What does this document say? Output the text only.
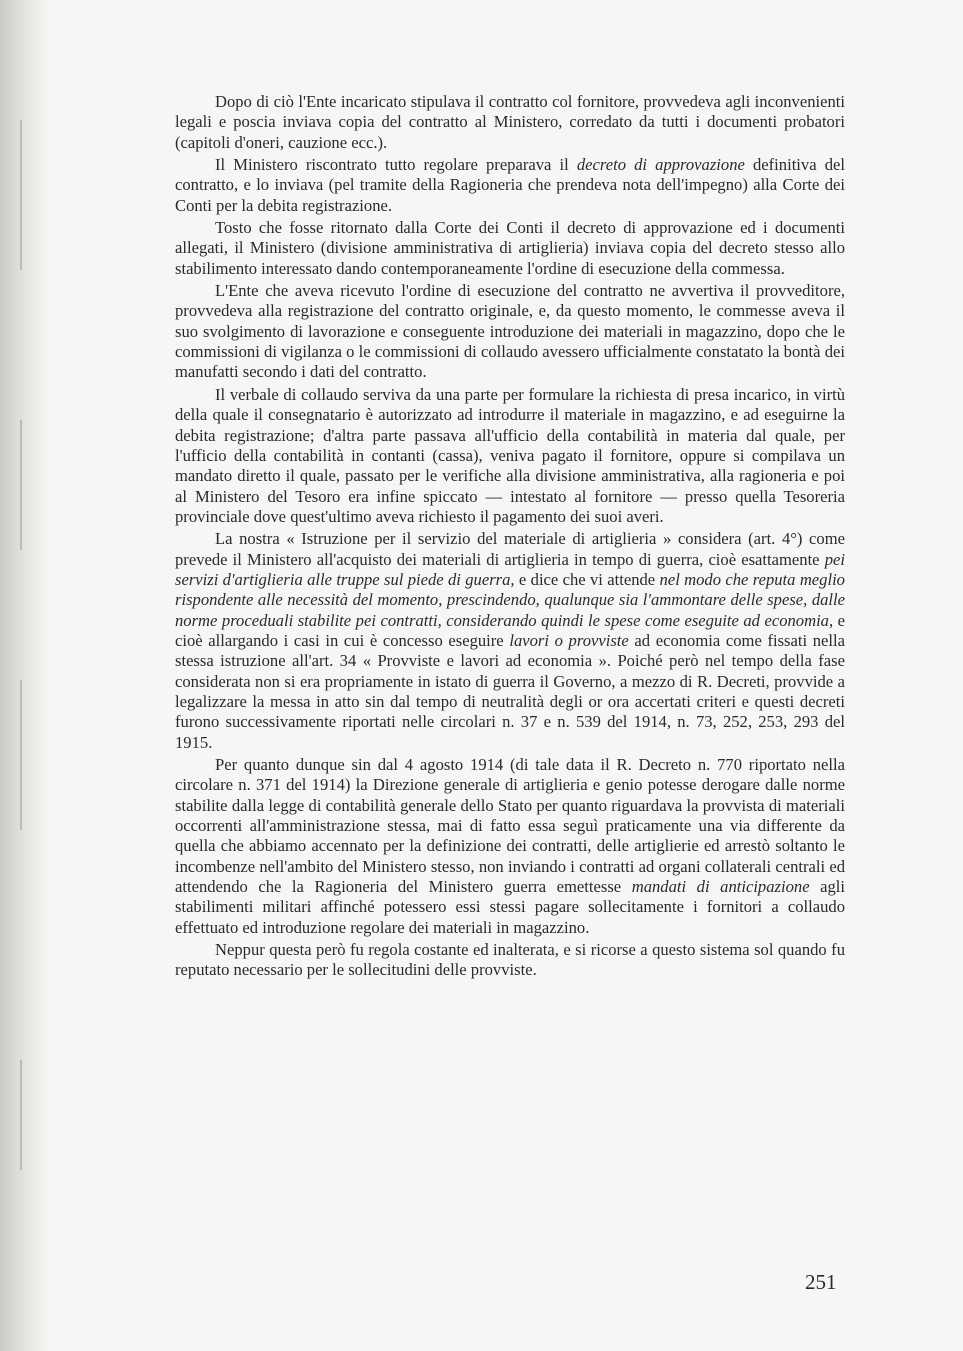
Dopo di ciò l'Ente incaricato stipulava il contratto col fornitore, provvedeva agli inconvenienti legali e poscia inviava copia del contratto al Ministero, corredato da tutti i documenti probatori (capitoli d'oneri, cauzione ecc.).

Il Ministero riscontrato tutto regolare preparava il decreto di approvazione definitiva del contratto, e lo inviava (pel tramite della Ragioneria che prendeva nota dell'impegno) alla Corte dei Conti per la debita registrazione.

Tosto che fosse ritornato dalla Corte dei Conti il decreto di approvazione ed i documenti allegati, il Ministero (divisione amministrativa di artiglieria) inviava copia del decreto stesso allo stabilimento interessato dando contemporaneamente l'ordine di esecuzione della commessa.

L'Ente che aveva ricevuto l'ordine di esecuzione del contratto ne avvertiva il provveditore, provvedeva alla registrazione del contratto originale, e, da questo momento, le commesse aveva il suo svolgimento di lavorazione e conseguente introduzione dei materiali in magazzino, dopo che le commissioni di vigilanza o le commissioni di collaudo avessero ufficialmente constatato la bontà dei manufatti secondo i dati del contratto.

Il verbale di collaudo serviva da una parte per formulare la richiesta di presa incarico, in virtù della quale il consegnatario è autorizzato ad introdurre il materiale in magazzino, e ad eseguirne la debita registrazione; d'altra parte passava all'ufficio della contabilità in materia dal quale, per l'ufficio della contabilità in contanti (cassa), veniva pagato il fornitore, oppure si compilava un mandato diretto il quale, passato per le verifiche alla divisione amministrativa, alla ragioneria e poi al Ministero del Tesoro era infine spiccato — intestato al fornitore — presso quella Tesoreria provinciale dove quest'ultimo aveva richiesto il pagamento dei suoi averi.

La nostra « Istruzione per il servizio del materiale di artiglieria » considera (art. 4°) come prevede il Ministero all'acquisto dei materiali di artiglieria in tempo di guerra, cioè esattamente pei servizi d'artiglieria alle truppe sul piede di guerra, e dice che vi attende nel modo che reputa meglio rispondente alle necessità del momento, prescindendo, qualunque sia l'ammontare delle spese, dalle norme proceduali stabilite pei contratti, considerando quindi le spese come eseguite ad economia, e cioè allargando i casi in cui è concesso eseguire lavori o provviste ad economia come fissati nella stessa istruzione all'art. 34 « Provviste e lavori ad economia ». Poiché però nel tempo della fase considerata non si era propriamente in istato di guerra il Governo, a mezzo di R. Decreti, provvide a legalizzare la messa in atto sin dal tempo di neutralità degli or ora accertati criteri e questi decreti furono successivamente riportati nelle circolari n. 37 e n. 539 del 1914, n. 73, 252, 253, 293 del 1915.

Per quanto dunque sin dal 4 agosto 1914 (di tale data il R. Decreto n. 770 riportato nella circolare n. 371 del 1914) la Direzione generale di artiglieria e genio potesse derogare dalle norme stabilite dalla legge di contabilità generale dello Stato per quanto riguardava la provvista di materiali occorrenti all'amministrazione stessa, mai di fatto essa seguì praticamente una via differente da quella che abbiamo accennato per la definizione dei contratti, delle artiglierie ed arrestò soltanto le incombenze nell'ambito del Ministero stesso, non inviando i contratti ad organi collaterali centrali ed attendendo che la Ragioneria del Ministero guerra emettesse mandati di anticipazione agli stabilimenti militari affinché potessero essi stessi pagare sollecitamente i fornitori a collaudo effettuato ed introduzione regolare dei materiali in magazzino.

Neppur questa però fu regola costante ed inalterata, e si ricorse a questo sistema sol quando fu reputato necessario per le sollecitudini delle provviste.

251
